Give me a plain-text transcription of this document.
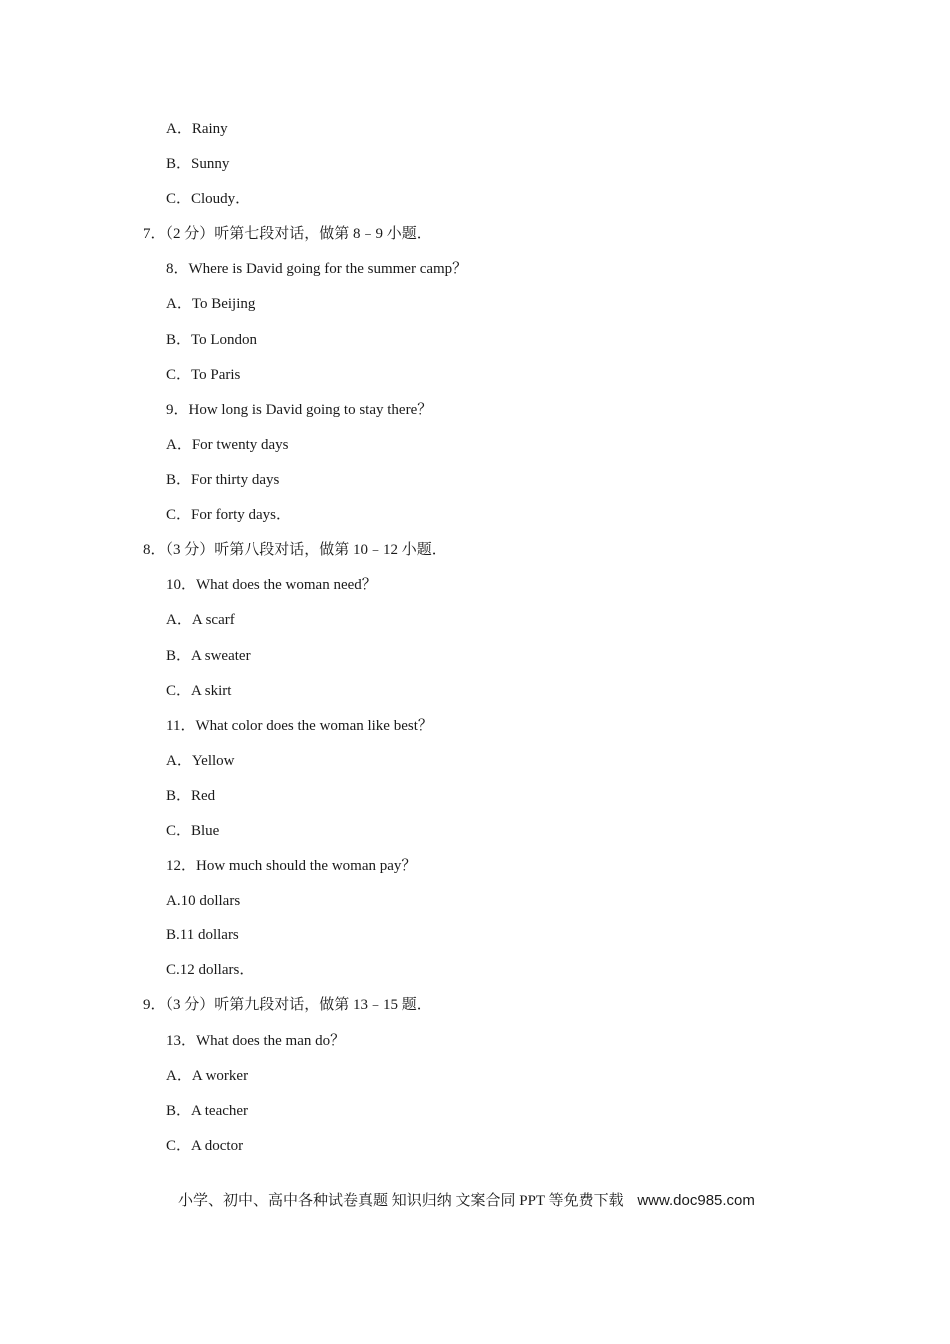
A．Rainy
B．Sunny
C．Cloudy．
7．（2 分）听第七段对话，做第 8﹣9 小题．
8．Where is David going for the summer camp？
A．To Beijing
B．To London
C．To Paris
9．How long is David going to stay there？
A．For twenty days
B．For thirty days
C．For forty days．
8．（3 分）听第八段对话，做第 10﹣12 小题．
10．What does the woman need？
A．A scarf
B．A sweater
C．A skirt
11．What color does the woman like best？
A．Yellow
B．Red
C．Blue
12．How much should the woman pay？
A.10 dollars
B.11 dollars
C.12 dollars．
9．（3 分）听第九段对话，做第 13﹣15 题．
13．What does the man do？
A．A worker
B．A teacher
C．A doctor
小学、初中、高中各种试卷真题 知识归纳 文案合同 PPT 等免费下载 www.doc985.com
